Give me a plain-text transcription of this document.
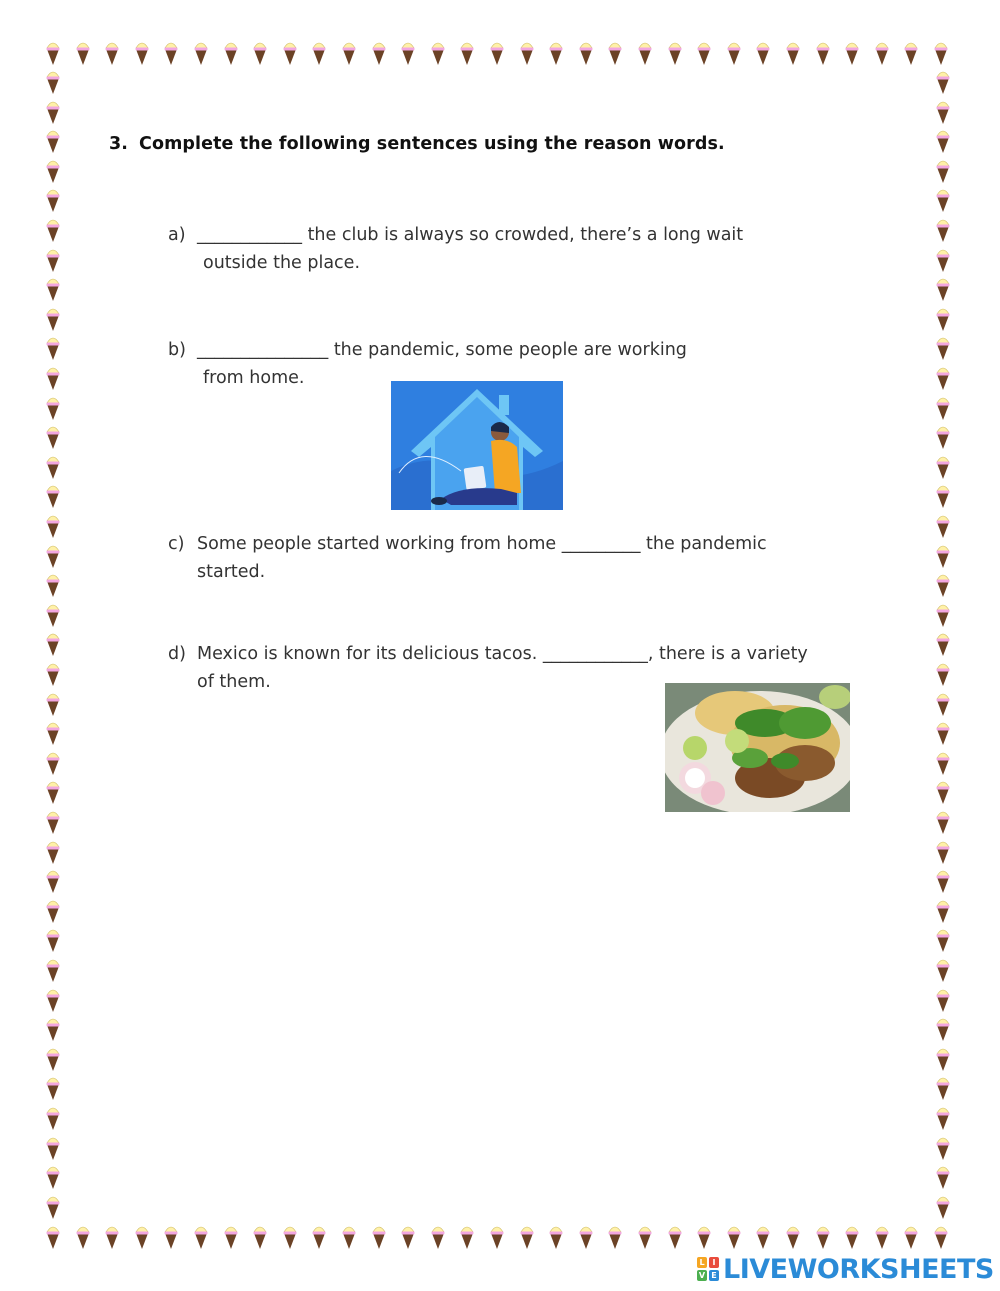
3. Complete the following sentences using the reason words.
a) ____________ the club is always so crowded, there’s a long wait
outside the place.
b) _______________ the pandemic, some people are working
from home.
c) Some people started working from home _________ the pandemic
started.
d) Mexico is known for its delicious tacos. ____________, there is a variety
of them.
L I
V E LIVEWORKSHEETS
